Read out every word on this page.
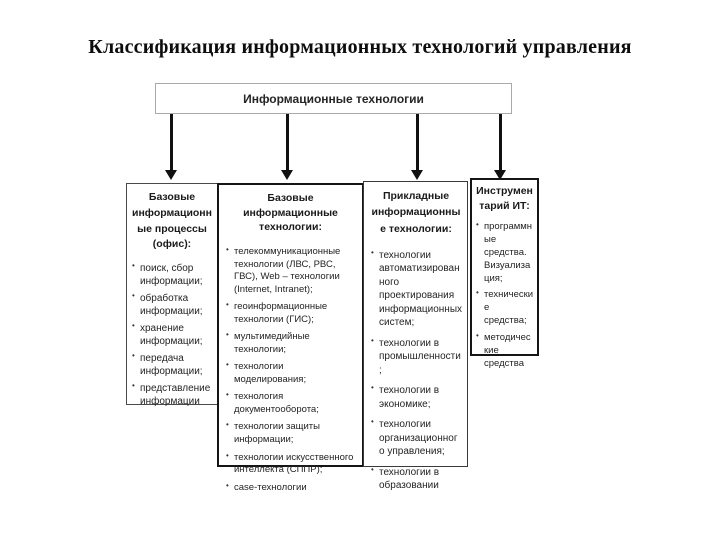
Классификация информационных технологий управления
Информационные технологии
Базовые информационные процессы (офис):
• поиск, сбор информации;
• обработка информации;
• хранение информации;
• передача информации;
• представление информации
Базовые информационные технологии:
• телекоммуникационные технологии (ЛВС, РВС, ГВС), Web – технологии (Internet, Intranet);
• геоинформационные технологии (ГИС);
• мультимедийные технологии;
• технологии моделирования;
• технология документооборота;
• технологии защиты информации;
• технологии искусственного интеллекта (СППР);
• case-технологии
Прикладные информационные технологии:
• технологии автоматизированного проектирования информационных систем;
• технологии в промышленности;
• технологии в экономике;
• технологии организационного управления;
• технологии в образовании
Инструментарий ИТ:
• программные средства. Визуализация;
• технические средства;
• методические средства
